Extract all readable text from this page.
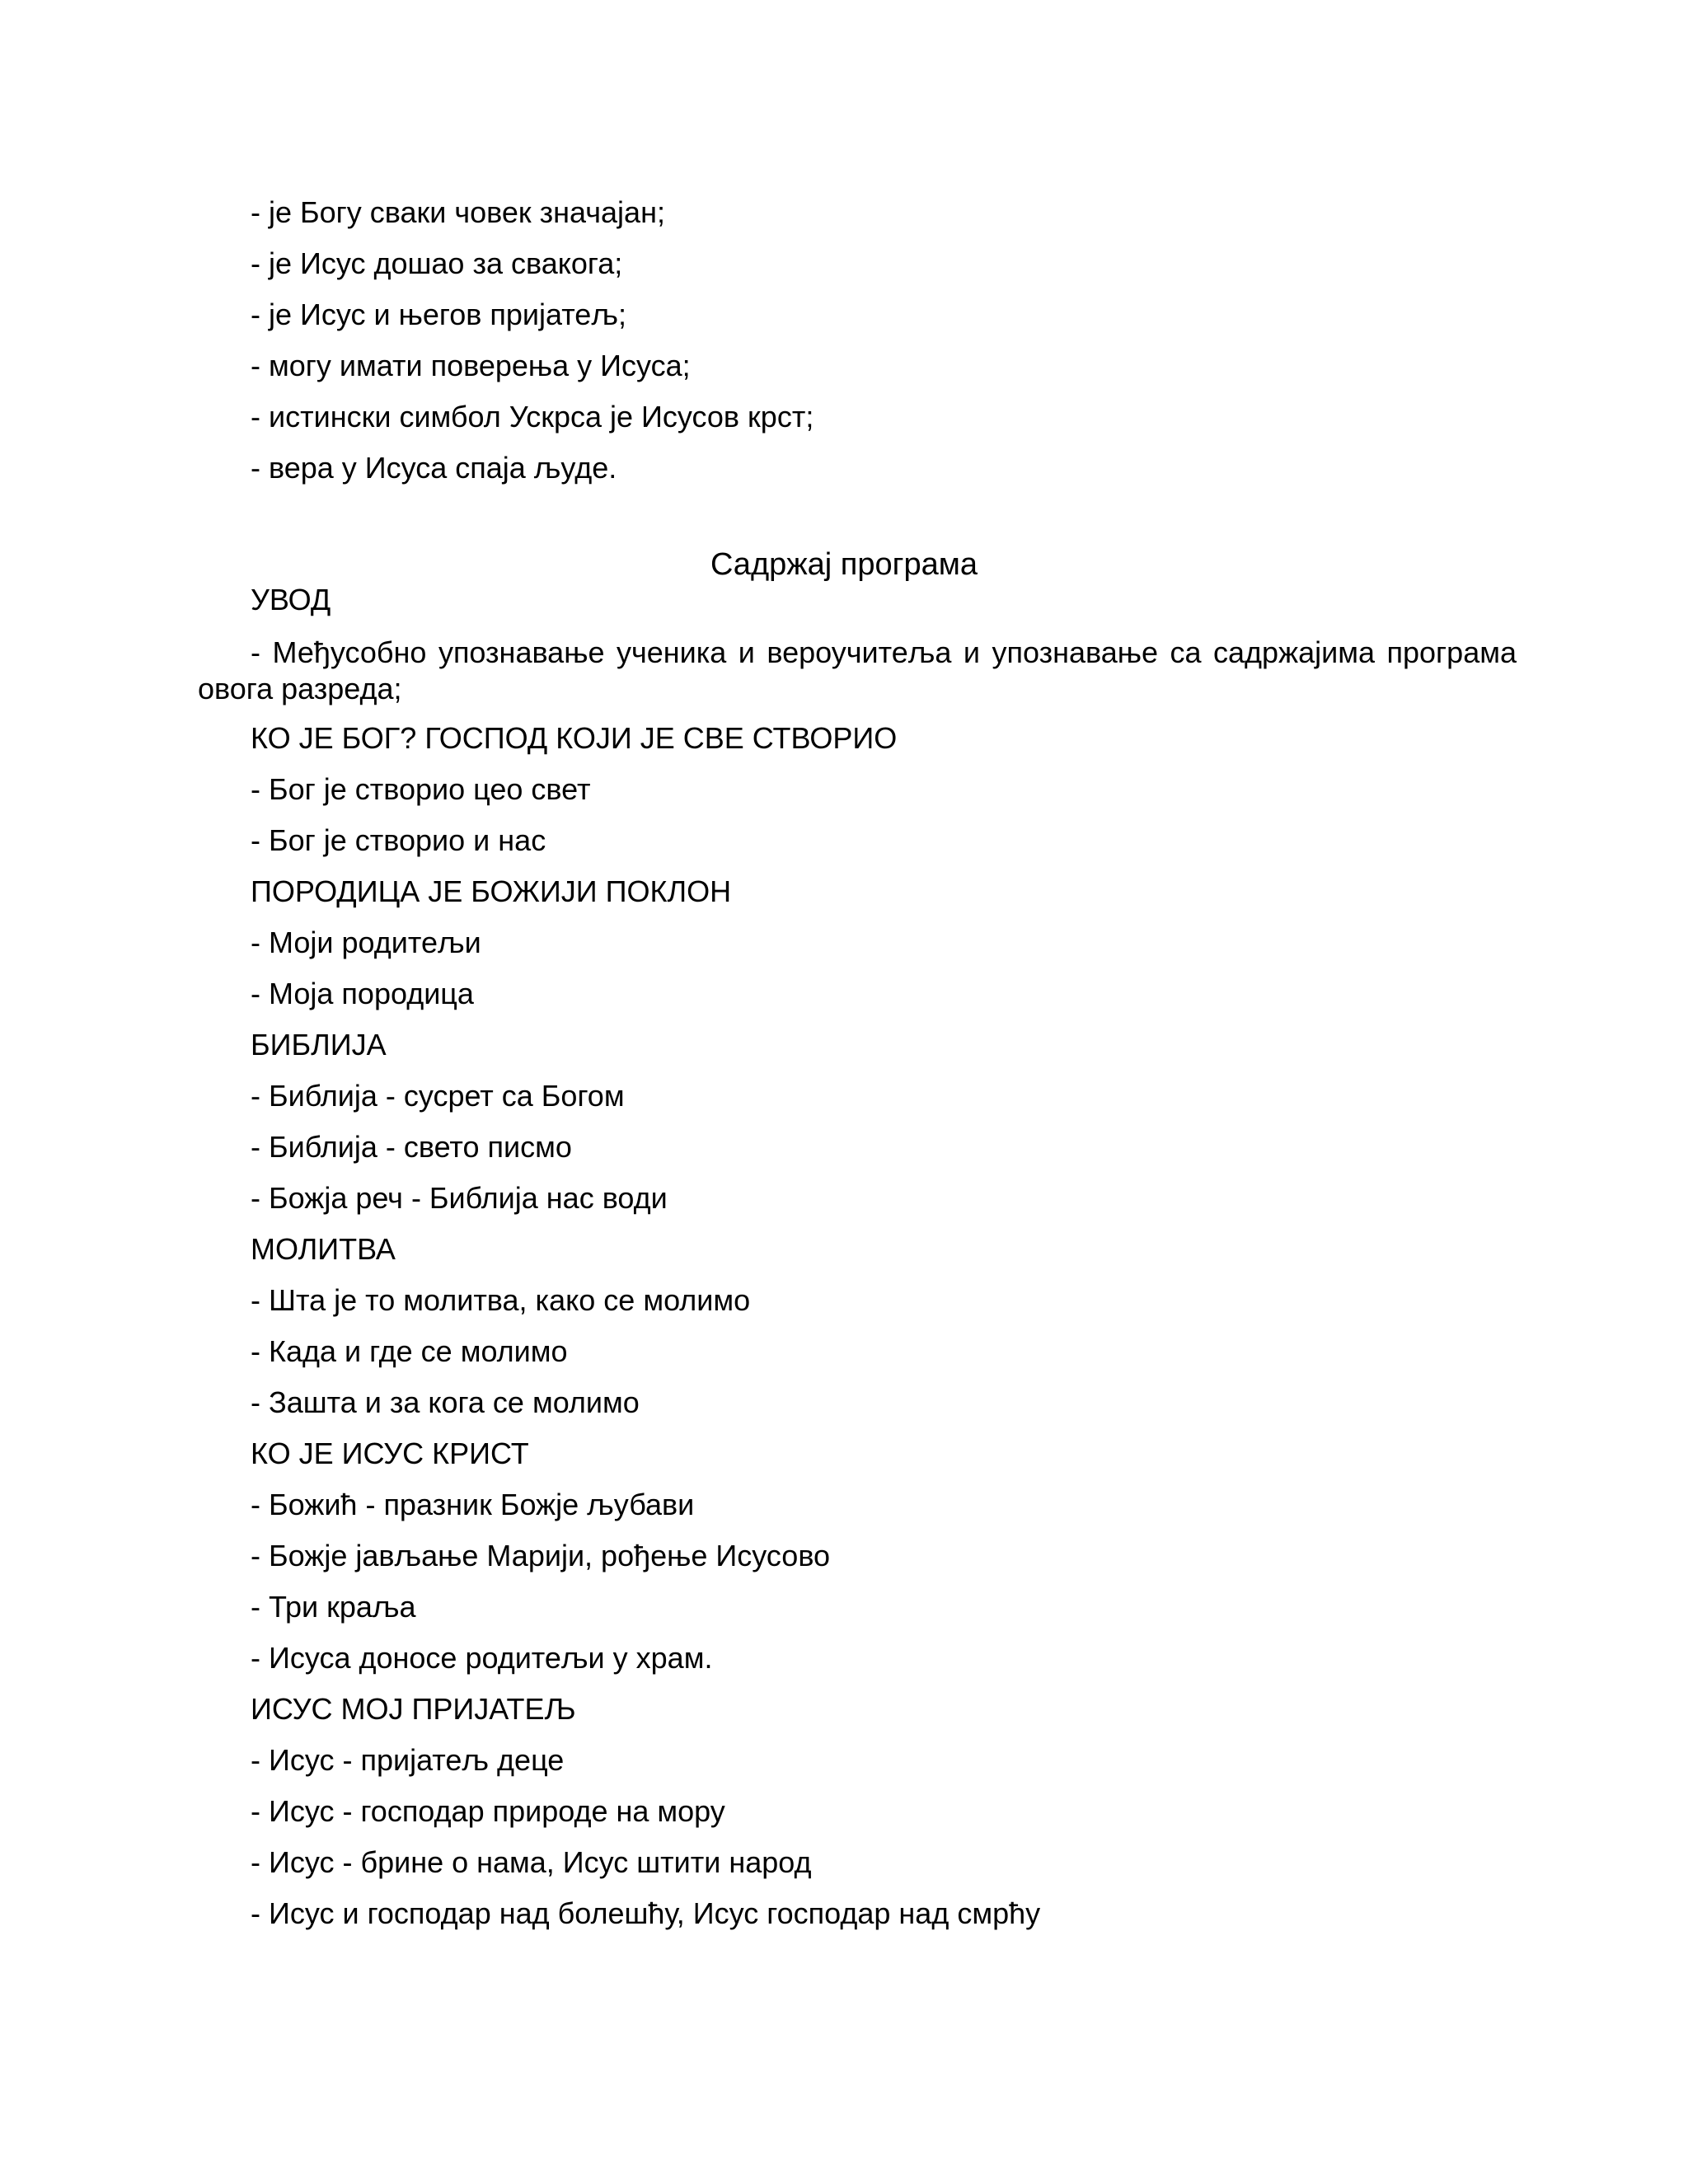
- је Богу сваки човек значајан;
- је Исус дошао за свакога;
- је Исус и његов пријатељ;
- могу имати поверења у Исуса;
- истински симбол Ускрса је Исусов крст;
- вера у Исуса спаја људе.
Садржај програма
УВОД
- Међусобно упознавање ученика и вероучитеља и упознавање са садржајима програма овога разреда;
КО ЈЕ БОГ? ГОСПОД КОЈИ ЈЕ СВЕ СТВОРИО
- Бог је створио цео свет
- Бог је створио и нас
ПОРОДИЦА ЈЕ БОЖИЈИ ПОКЛОН
- Моји родитељи
- Моја породица
БИБЛИЈА
- Библија - сусрет са Богом
- Библија - свето писмо
- Божја реч - Библија нас води
МОЛИТВА
- Шта је то молитва, како се молимо
- Када и где се молимо
- Зашта и за кога се молимо
КО ЈЕ ИСУС КРИСТ
- Божић - празник Божје љубави
- Божје јављање Марији, рођење Исусово
- Три краља
- Исуса доносе родитељи у храм.
ИСУС МОЈ ПРИЈАТЕЉ
- Исус - пријатељ деце
- Исус - господар природе на мору
- Исус - брине о нама, Исус штити народ
- Исус и господар над болешћу, Исус господар над смрћу
